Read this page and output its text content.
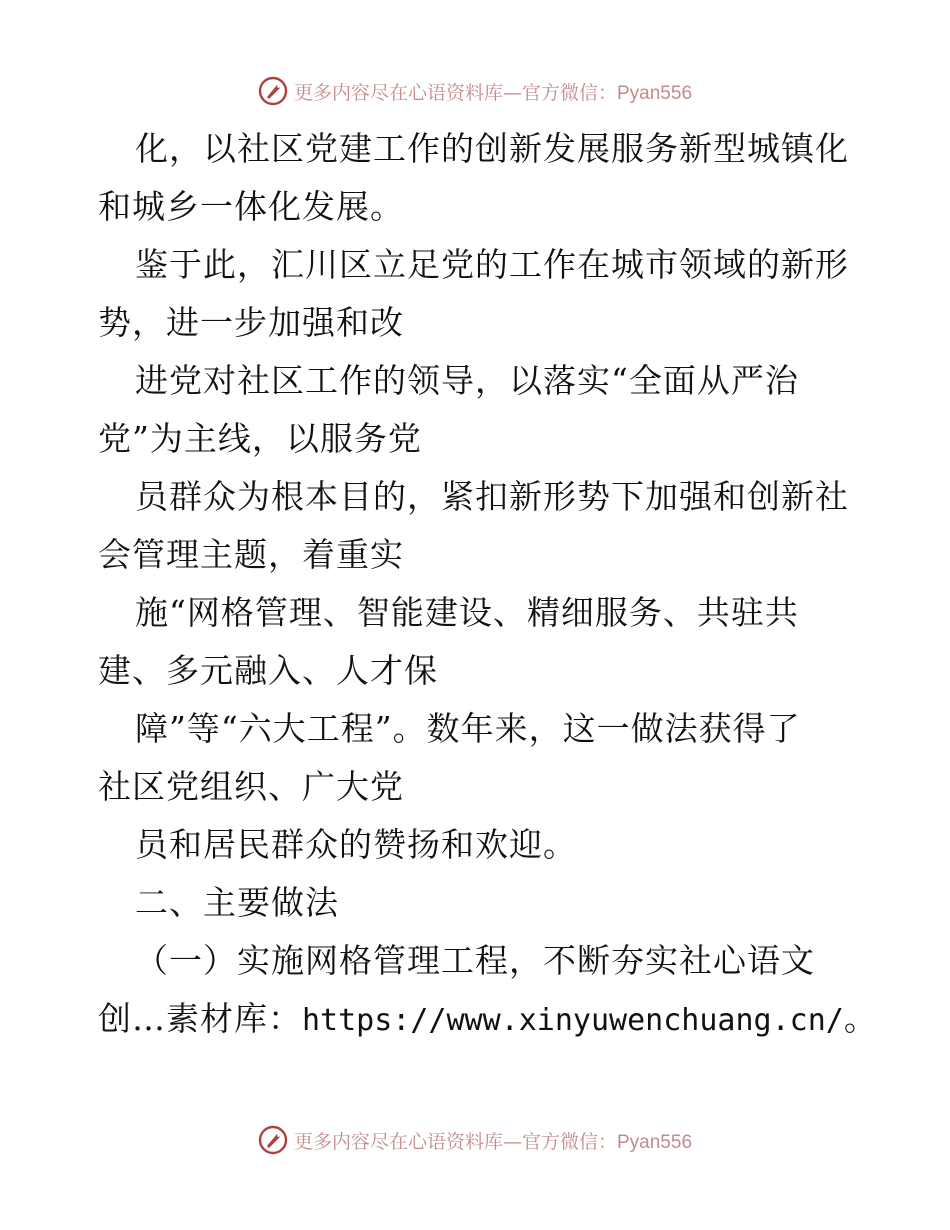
更多内容尽在心语资料库—官方微信：Pyan556
化，以社区党建工作的创新发展服务新型城镇化
和城乡一体化发展。
鉴于此，汇川区立足党的工作在城市领域的新形
势，进一步加强和改
进党对社区工作的领导，以落实“全面从严治
党”为主线，以服务党
员群众为根本目的，紧扣新形势下加强和创新社
会管理主题，着重实
施“网格管理、智能建设、精细服务、共驻共
建、多元融入、人才保
障”等“六大工程”。数年来，这一做法获得了
社区党组织、广大党
员和居民群众的赞扬和欢迎。
二、主要做法
（一）实施网格管理工程，不断夯实社心语文
创…素材库：https://www.xinyuwenchuang.cn/。
更多内容尽在心语资料库—官方微信：Pyan556
